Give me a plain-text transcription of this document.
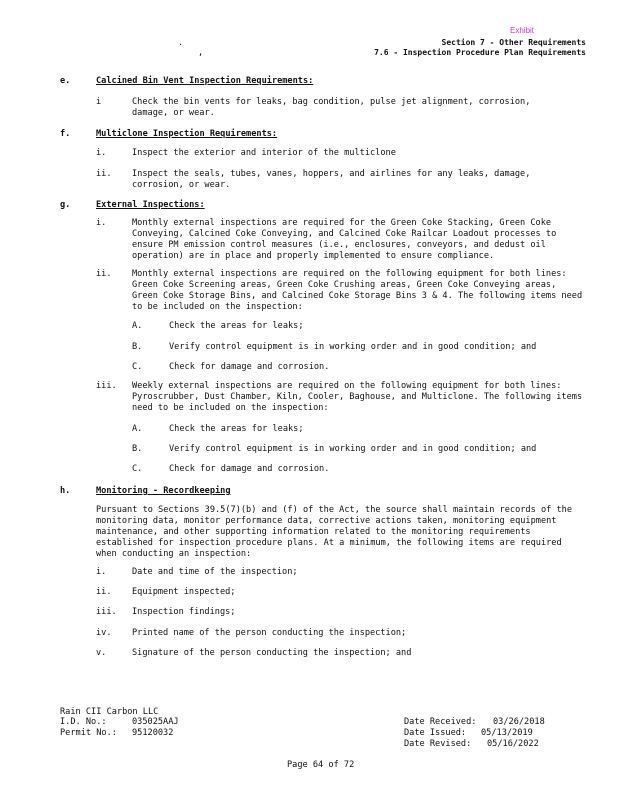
Exhibit
Section 7 - Other Requirements
7.6 - Inspection Procedure Plan Requirements
.
,
e.	Calcined Bin Vent Inspection Requirements:
i	Check the bin vents for leaks, bag condition, pulse jet alignment, corrosion, damage, or wear.
f.	Multiclone Inspection Requirements:
i.	Inspect the exterior and interior of the multiclone
ii. Inspect the seals, tubes, vanes, hoppers, and airlines for any leaks, damage, corrosion, or wear.
g.	External Inspections:
i.	Monthly external inspections are required for the Green Coke Stacking, Green Coke Conveying, Calcined Coke Conveying, and Calcined Coke Railcar Loadout processes to ensure PM emission control measures (i.e., enclosures, conveyors, and dedust oil operation) are in place and properly implemented to ensure compliance.
ii. Monthly external inspections are required on the following equipment for both lines: Green Coke Screening areas, Green Coke Crushing areas, Green Coke Conveying areas, Green Coke Storage Bins, and Calcined Coke Storage Bins 3 & 4. The following items need to be included on the inspection:
A.	Check the areas for leaks;
B.	Verify control equipment is in working order and in good condition; and
C.	Check for damage and corrosion.
iii. Weekly external inspections are required on the following equipment for both lines: Pyroscrubber, Dust Chamber, Kiln, Cooler, Baghouse, and Multiclone. The following items need to be included on the inspection:
A.	Check the areas for leaks;
B.	Verify control equipment is in working order and in good condition; and
C.	Check for damage and corrosion.
h.	Monitoring - Recordkeeping
Pursuant to Sections 39.5(7)(b) and (f) of the Act, the source shall maintain records of the monitoring data, monitor performance data, corrective actions taken, monitoring equipment maintenance, and other supporting information related to the monitoring requirements established for inspection procedure plans. At a minimum, the following items are required when conducting an inspection:
i.	Date and time of the inspection;
ii. Equipment inspected;
iii. Inspection findings;
iv. Printed name of the person conducting the inspection;
v.	Signature of the person conducting the inspection; and
Rain CII Carbon LLC
I.D. No.:	035025AAJ
Permit No.: 95120032
Date Received: 03/26/2018
Date Issued: 05/13/2019
Date Revised: 05/16/2022
Page 64 of 72
